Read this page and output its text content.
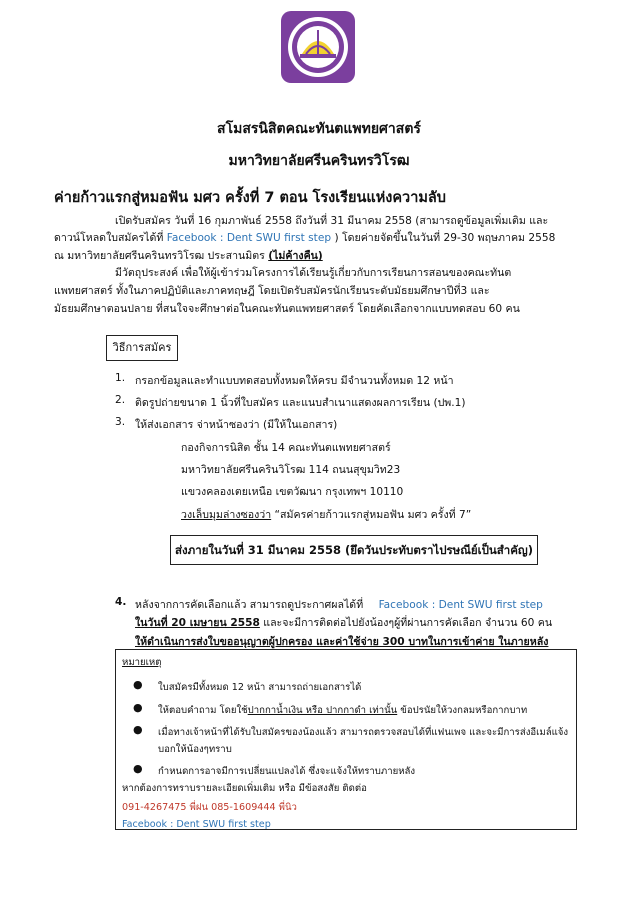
สโมสรนิสิตคณะทันตแพทยศาสตร์
มหาวิทยาลัยศรีนครินทรวิโรฒ
ค่ายก้าวแรกสู่หมอฟัน มศว ครั้งที่ 7 ตอน โรงเรียนแห่งความลับ
เปิดรับสมัคร วันที่ 16 กุมภาพันธ์ 2558 ถึงวันที่ 31 มีนาคม 2558 (สามารถดูข้อมูลเพิ่มเติม และ
ดาวน์โหลดใบสมัครได้ที่ Facebook : Dent SWU first step ) โดยค่ายจัดขึ้นในวันที่ 29-30 พฤษภาคม 2558
ณ มหาวิทยาลัยศรีนครินทรวิโรฒ ประสานมิตร (ไม่ค้างคืน)
มีวัตถุประสงค์ เพื่อให้ผู้เข้าร่วมโครงการได้เรียนรู้เกี่ยวกับการเรียนการสอนของคณะทันต
แพทยศาสตร์ ทั้งในภาคปฏิบัติและภาคทฤษฎี โดยเปิดรับสมัครนักเรียนระดับมัธยมศึกษาปีที่3 และ
มัธยมศึกษาตอนปลาย ที่สนใจจะศึกษาต่อในคณะทันตแพทยศาสตร์ โดยคัดเลือกจากแบบทดสอบ 60 คน
วิธีการสมัคร
1. กรอกข้อมูลและทำแบบทดสอบทั้งหมดให้ครบ มีจำนวนทั้งหมด 12 หน้า
2. ติดรูปถ่ายขนาด 1 นิ้วที่ใบสมัคร และแนบสำเนาแสดงผลการเรียน (ปพ.1)
3. ให้ส่งเอกสาร จ่าหน้าซองว่า (มีให้ในเอกสาร)
กองกิจการนิสิต ชั้น 14 คณะทันตแพทยศาสตร์
มหาวิทยาลัยศรีนครินวิโรฒ 114 ถนนสุขุมวิท23
แขวงคลองเตยเหนือ เขตวัฒนา กรุงเทพฯ 10110
วงเล็บมุมล่างซองว่า “สมัครค่ายก้าวแรกสู่หมอฟัน มศว ครั้งที่ 7”
ส่งภายในวันที่ 31 มีนาคม 2558 (ยึดวันประทับตราไปรษณีย์เป็นสำคัญ)
4. หลังจากการคัดเลือกแล้ว สามารถดูประกาศผลได้ที่ Facebook : Dent SWU first step
ในวันที่ 20 เมษายน 2558 และจะมีการติดต่อไปยังน้องๆผู้ที่ผ่านการคัดเลือก จำนวน 60 คน
ให้ดำเนินการส่งใบขออนุญาตผู้ปกครอง และค่าใช้จ่าย 300 บาทในการเข้าค่าย ในภายหลัง
หมายเหตุ
● ใบสมัครมีทั้งหมด 12 หน้า สามารถถ่ายเอกสารได้
● ให้ตอบคำถาม โดยใช้ปากกาน้ำเงิน หรือ ปากกาดำ เท่านั้น ข้อปรนัยให้วงกลมหรือกากบาท
● เมื่อทางเจ้าหน้าที่ได้รับใบสมัครของน้องแล้ว สามารถตรวจสอบได้ที่แฟนเพจ และจะมีการส่งอีเมล์แจ้ง
บอกให้น้องๆทราบ
● กำหนดการอาจมีการเปลี่ยนแปลงได้ ซึ่งจะแจ้งให้ทราบภายหลัง
หากต้องการทราบรายละเอียดเพิ่มเติม หรือ มีข้อสงสัย ติดต่อ
091-4267475 พี่ฝน 085-1609444 พี่นิว
Facebook : Dent SWU first step
